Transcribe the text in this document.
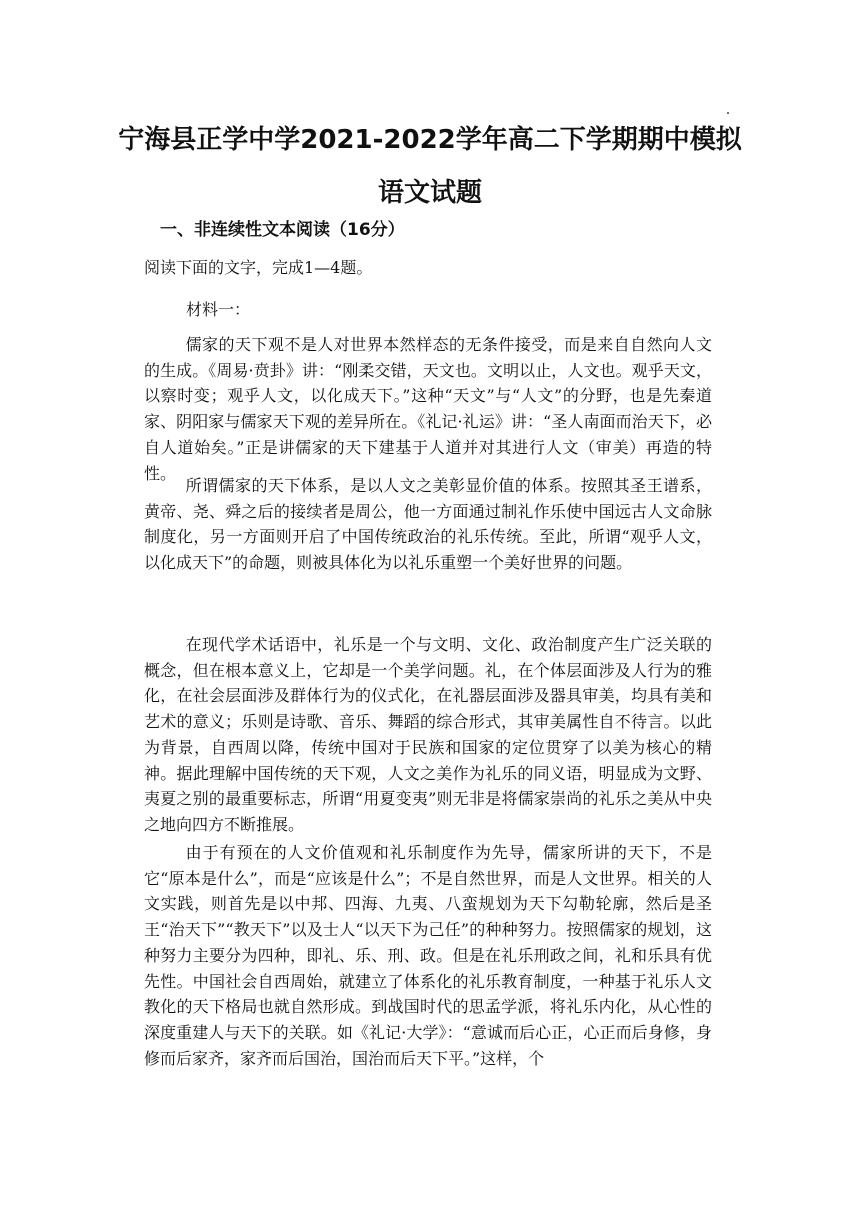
宁海县正学中学2021-2022学年高二下学期期中模拟
语文试题

一、非连续性文本阅读（16分）

阅读下面的文字，完成1—4题。

材料一：

儒家的天下观不是人对世界本然样态的无条件接受，而是来自自然向人文的生成。《周易·贲卦》讲：“刚柔交错，天文也。文明以止，人文也。观乎天文，以察时变；观乎人文，以化成天下。”这种“天文”与“人文”的分野，也是先秦道家、阴阳家与儒家天下观的差异所在。《礼记·礼运》讲：“圣人南面而治天下，必自人道始矣。”正是讲儒家的天下建基于人道并对其进行人文（审美）再造的特性。

所谓儒家的天下体系，是以人文之美彰显价值的体系。按照其圣王谱系，黄帝、尧、舜之后的接续者是周公，他一方面通过制礼作乐使中国远古人文命脉制度化，另一方面则开启了中国传统政治的礼乐传统。至此，所谓“观乎人文，以化成天下”的命题，则被具体化为以礼乐重塑一个美好世界的问题。

在现代学术话语中，礼乐是一个与文明、文化、政治制度产生广泛关联的概念，但在根本意义上，它却是一个美学问题。礼，在个体层面涉及人行为的雅化，在社会层面涉及群体行为的仪式化，在礼器层面涉及器具审美，均具有美和艺术的意义；乐则是诗歌、音乐、舞蹈的综合形式，其审美属性自不待言。以此为背景，自西周以降，传统中国对于民族和国家的定位贯穿了以美为核心的精神。据此理解中国传统的天下观，人文之美作为礼乐的同义语，明显成为文野、夷夏之别的最重要标志，所谓“用夏变夷”则无非是将儒家崇尚的礼乐之美从中央之地向四方不断推展。

由于有预在的人文价值观和礼乐制度作为先导，儒家所讲的天下，不是它“原本是什么”，而是“应该是什么”；不是自然世界，而是人文世界。相关的人文实践，则首先是以中邦、四海、九夷、八蛮规划为天下勾勒轮廓，然后是圣王“治天下”“教天下”以及士人“以天下为己任”的种种努力。按照儒家的规划，这种努力主要分为四种，即礼、乐、刑、政。但是在礼乐刑政之间，礼和乐具有优先性。中国社会自西周始，就建立了体系化的礼乐教育制度，一种基于礼乐人文教化的天下格局也就自然形成。到战国时代的思孟学派，将礼乐内化，从心性的深度重建人与天下的关联。如《礼记·大学》：“意诚而后心正，心正而后身修，身修而后家齐，家齐而后国治，国治而后天下平。”这样，个
